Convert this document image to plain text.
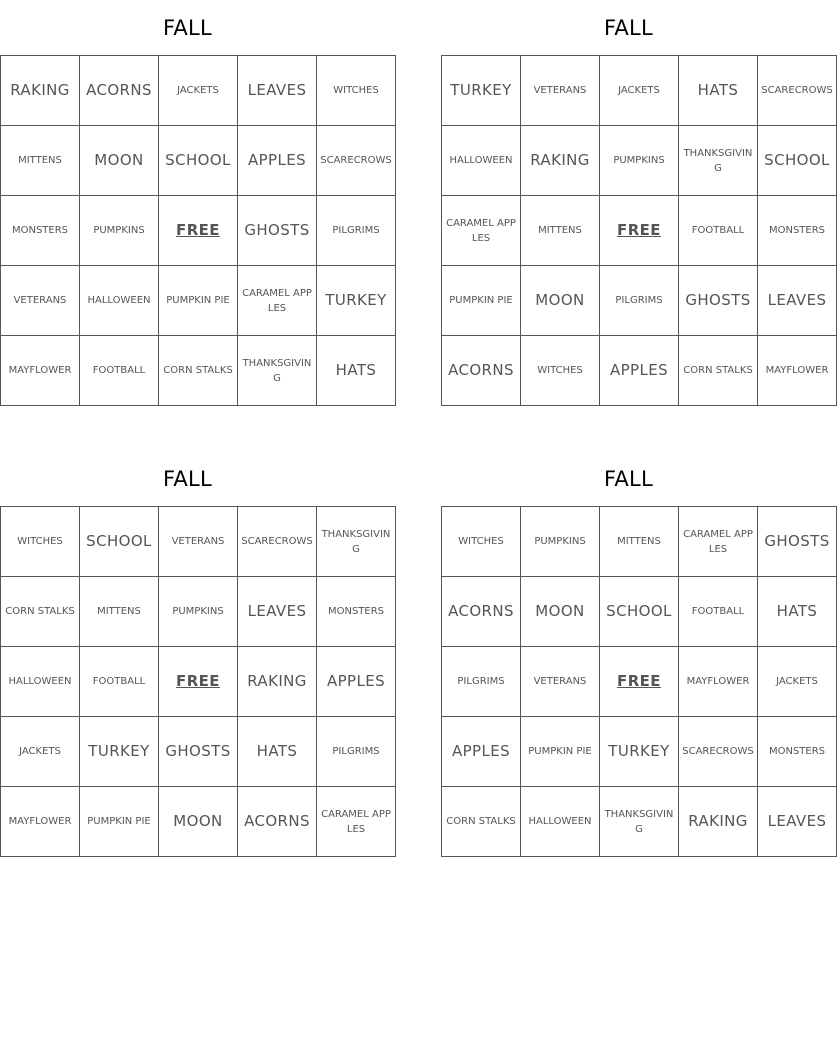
FALL
RAKING	ACORNS	JACKETS	LEAVES	WITCHES
MITTENS	MOON	SCHOOL	APPLES	SCARECROWS
MONSTERS	PUMPKINS	FREE	GHOSTS	PILGRIMS
VETERANS	HALLOWEEN	PUMPKIN PIE	CARAMEL APPLES	TURKEY
MAYFLOWER	FOOTBALL	CORN STALKS	THANKSGIVING	HATS
FALL
TURKEY	VETERANS	JACKETS	HATS	SCARECROWS
HALLOWEEN	RAKING	PUMPKINS	THANKSGIVING	SCHOOL
CARAMEL APPLES	MITTENS	FREE	FOOTBALL	MONSTERS
PUMPKIN PIE	MOON	PILGRIMS	GHOSTS	LEAVES
ACORNS	WITCHES	APPLES	CORN STALKS	MAYFLOWER
FALL
WITCHES	SCHOOL	VETERANS	SCARECROWS	THANKSGIVING
CORN STALKS	MITTENS	PUMPKINS	LEAVES	MONSTERS
HALLOWEEN	FOOTBALL	FREE	RAKING	APPLES
JACKETS	TURKEY	GHOSTS	HATS	PILGRIMS
MAYFLOWER	PUMPKIN PIE	MOON	ACORNS	CARAMEL APPLES
FALL
WITCHES	PUMPKINS	MITTENS	CARAMEL APPLES	GHOSTS
ACORNS	MOON	SCHOOL	FOOTBALL	HATS
PILGRIMS	VETERANS	FREE	MAYFLOWER	JACKETS
APPLES	PUMPKIN PIE	TURKEY	SCARECROWS	MONSTERS
CORN STALKS	HALLOWEEN	THANKSGIVING	RAKING	LEAVES
